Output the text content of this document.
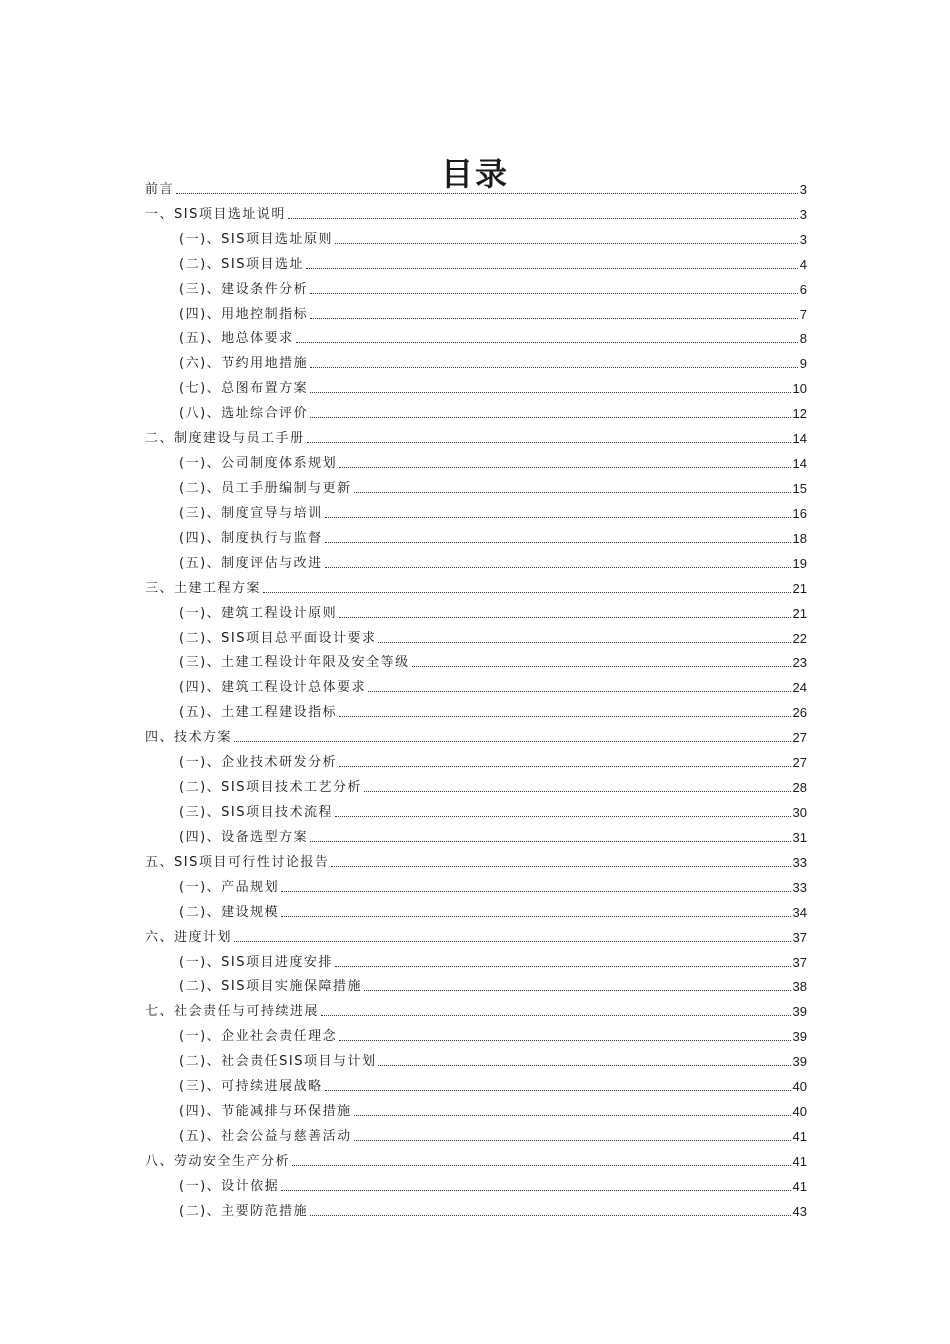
目录
前言	3
一、SIS项目选址说明	3
(一)、SIS项目选址原则	3
(二)、SIS项目选址	4
(三)、建设条件分析	6
(四)、用地控制指标	7
(五)、地总体要求	8
(六)、节约用地措施	9
(七)、总图布置方案	10
(八)、选址综合评价	12
二、制度建设与员工手册	14
(一)、公司制度体系规划	14
(二)、员工手册编制与更新	15
(三)、制度宣导与培训	16
(四)、制度执行与监督	18
(五)、制度评估与改进	19
三、土建工程方案	21
(一)、建筑工程设计原则	21
(二)、SIS项目总平面设计要求	22
(三)、土建工程设计年限及安全等级	23
(四)、建筑工程设计总体要求	24
(五)、土建工程建设指标	26
四、技术方案	27
(一)、企业技术研发分析	27
(二)、SIS项目技术工艺分析	28
(三)、SIS项目技术流程	30
(四)、设备选型方案	31
五、SIS项目可行性讨论报告	33
(一)、产品规划	33
(二)、建设规模	34
六、进度计划	37
(一)、SIS项目进度安排	37
(二)、SIS项目实施保障措施	38
七、社会责任与可持续进展	39
(一)、企业社会责任理念	39
(二)、社会责任SIS项目与计划	39
(三)、可持续进展战略	40
(四)、节能减排与环保措施	40
(五)、社会公益与慈善活动	41
八、劳动安全生产分析	41
(一)、设计依据	41
(二)、主要防范措施	43
